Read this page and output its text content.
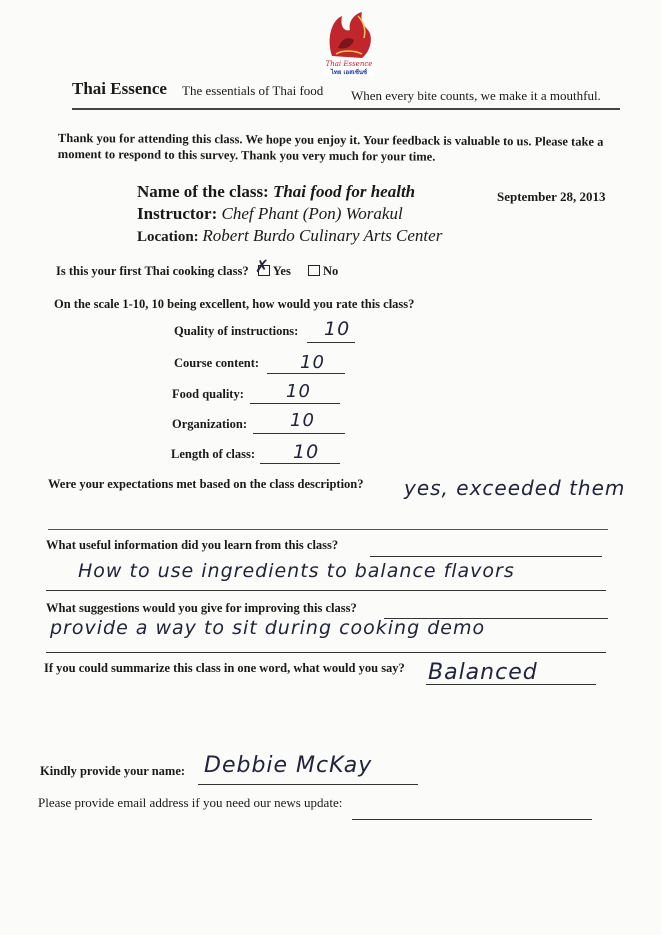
Thai Essence
ไทย เอสเซ้นซ์
Thai Essence The essentials of Thai food When every bite counts, we make it a mouthful.
Thank you for attending this class. We hope you enjoy it. Your feedback is valuable to us. Please take a moment to respond to this survey. Thank you very much for your time.
Name of the class: Thai food for health
Instructor: Chef Phant (Pon) Worakul
Location: Robert Burdo Culinary Arts Center
September 28, 2013
Is this your first Thai cooking class? ✗ Yes	No
On the scale 1-10, 10 being excellent, how would you rate this class?
Quality of instructions: 10
Course content: 10
Food quality: 10
Organization: 10
Length of class: 10
Were your expectations met based on the class description? yes, exceeded them
What useful information did you learn from this class?
How to use ingredients to balance flavors
What suggestions would you give for improving this class?
provide a way to sit during cooking demo
If you could summarize this class in one word, what would you say? Balanced
Kindly provide your name: Debbie McKay
Please provide email address if you need our news update:
